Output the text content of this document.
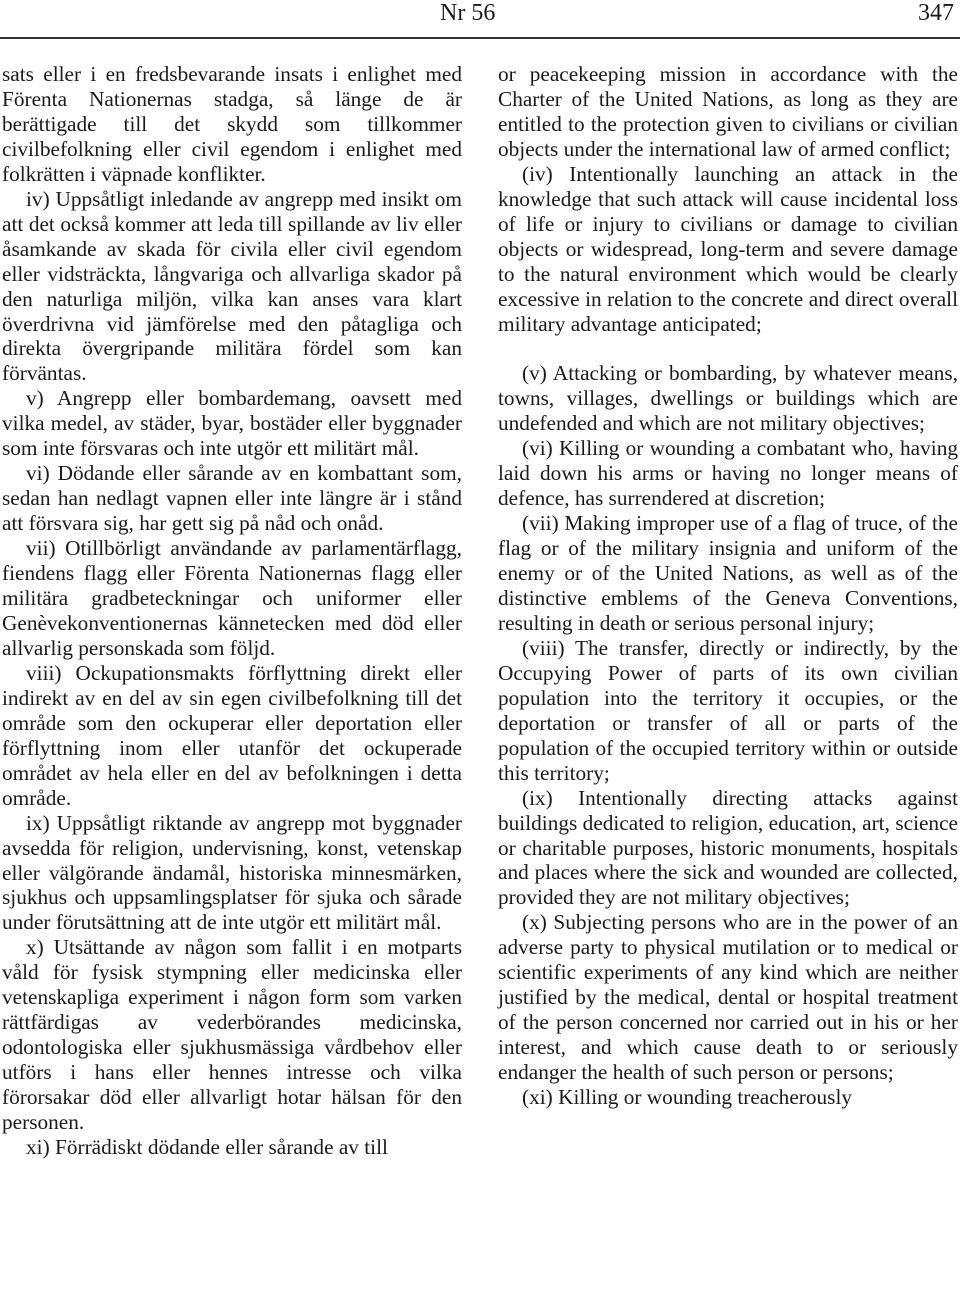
Nr 56	347

sats eller i en fredsbevarande insats i enlighet med Förenta Nationernas stadga, så länge de är berättigade till det skydd som tillkommer civilbefolkning eller civil egendom i enlighet med folkrätten i väpnade konflikter.

iv) Uppsåtligt inledande av angrepp med insikt om att det också kommer att leda till spillande av liv eller åsamkande av skada för civila eller civil egendom eller vidsträckta, långvariga och allvarliga skador på den naturliga miljön, vilka kan anses vara klart överdrivna vid jämförelse med den påtagliga och direkta övergripande militära fördel som kan förväntas.

v) Angrepp eller bombardemang, oavsett med vilka medel, av städer, byar, bostäder eller byggnader som inte försvaras och inte utgör ett militärt mål.

vi) Dödande eller sårande av en kombattant som, sedan han nedlagt vapnen eller inte längre är i stånd att försvara sig, har gett sig på nåd och onåd.

vii) Otillbörligt användande av parlamentärflagg, fiendens flagg eller Förenta Nationernas flagg eller militära gradbeteckningar och uniformer eller Genèvekonventionernas kännetecken med död eller allvarlig personskada som följd.

viii) Ockupationsmakts förflyttning direkt eller indirekt av en del av sin egen civilbefolkning till det område som den ockuperar eller deportation eller förflyttning inom eller utanför det ockuperade området av hela eller en del av befolkningen i detta område.

ix) Uppsåtligt riktande av angrepp mot byggnader avsedda för religion, undervisning, konst, vetenskap eller välgörande ändamål, historiska minnesmärken, sjukhus och uppsamlingsplatser för sjuka och sårade under förutsättning att de inte utgör ett militärt mål.

x) Utsättande av någon som fallit i en motparts våld för fysisk stympning eller medicinska eller vetenskapliga experiment i någon form som varken rättfärdigas av vederbörandes medicinska, odontologiska eller sjukhusmässiga vårdbehov eller utförs i hans eller hennes intresse och vilka förorsakar död eller allvarligt hotar hälsan för den personen.

xi) Förrädiskt dödande eller sårande av till

or peacekeeping mission in accordance with the Charter of the United Nations, as long as they are entitled to the protection given to civilians or civilian objects under the international law of armed conflict;

(iv) Intentionally launching an attack in the knowledge that such attack will cause incidental loss of life or injury to civilians or damage to civilian objects or widespread, long-term and severe damage to the natural environment which would be clearly excessive in relation to the concrete and direct overall military advantage anticipated;

(v) Attacking or bombarding, by whatever means, towns, villages, dwellings or buildings which are undefended and which are not military objectives;

(vi) Killing or wounding a combatant who, having laid down his arms or having no longer means of defence, has surrendered at discretion;

(vii) Making improper use of a flag of truce, of the flag or of the military insignia and uniform of the enemy or of the United Nations, as well as of the distinctive emblems of the Geneva Conventions, resulting in death or serious personal injury;

(viii) The transfer, directly or indirectly, by the Occupying Power of parts of its own civilian population into the territory it occupies, or the deportation or transfer of all or parts of the population of the occupied territory within or outside this territory;

(ix) Intentionally directing attacks against buildings dedicated to religion, education, art, science or charitable purposes, historic monuments, hospitals and places where the sick and wounded are collected, provided they are not military objectives;

(x) Subjecting persons who are in the power of an adverse party to physical mutilation or to medical or scientific experiments of any kind which are neither justified by the medical, dental or hospital treatment of the person concerned nor carried out in his or her interest, and which cause death to or seriously endanger the health of such person or persons;

(xi) Killing or wounding treacherously
